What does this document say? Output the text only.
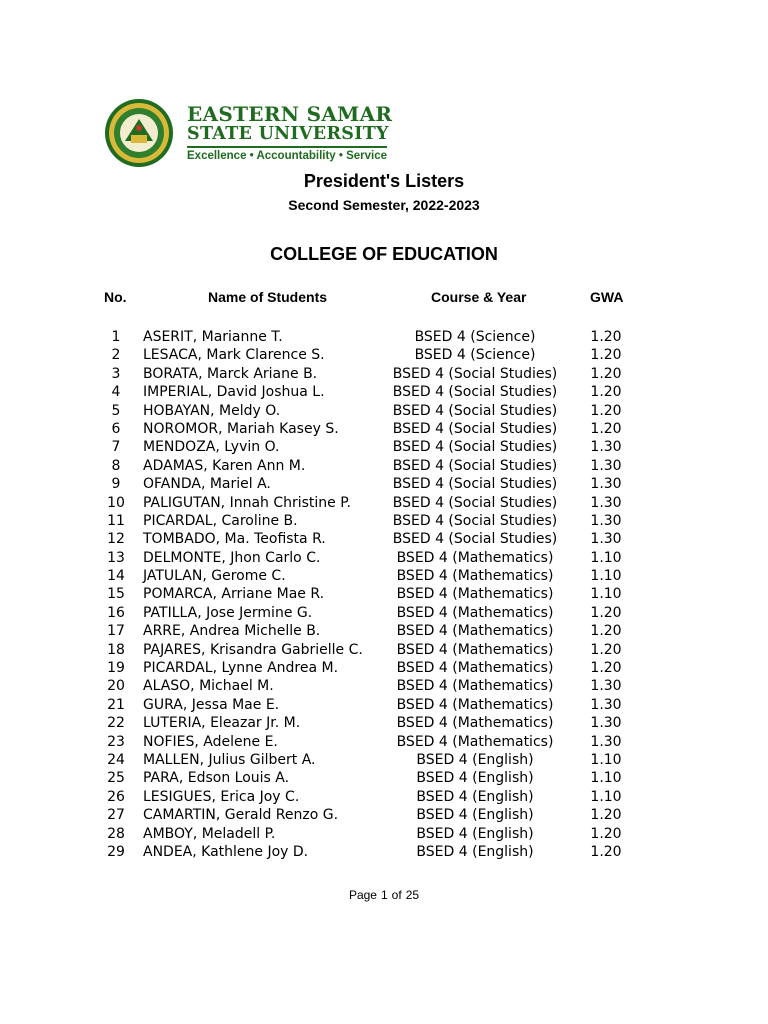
EASTERN SAMAR
STATE UNIVERSITY
Excellence • Accountability • Service
President's Listers
Second Semester, 2022-2023
COLLEGE OF EDUCATION
No.	Name of Students	Course & Year	GWA
1	ASERIT, Marianne T.	BSED 4 (Science)	1.20
2	LESACA, Mark Clarence S.	BSED 4 (Science)	1.20
3	BORATA, Marck Ariane B.	BSED 4 (Social Studies)	1.20
4	IMPERIAL, David Joshua L.	BSED 4 (Social Studies)	1.20
5	HOBAYAN, Meldy O.	BSED 4 (Social Studies)	1.20
6	NOROMOR, Mariah Kasey S.	BSED 4 (Social Studies)	1.20
7	MENDOZA, Lyvin O.	BSED 4 (Social Studies)	1.30
8	ADAMAS, Karen Ann M.	BSED 4 (Social Studies)	1.30
9	OFANDA, Mariel A.	BSED 4 (Social Studies)	1.30
10	PALIGUTAN, Innah Christine P.	BSED 4 (Social Studies)	1.30
11	PICARDAL, Caroline B.	BSED 4 (Social Studies)	1.30
12	TOMBADO, Ma. Teofista R.	BSED 4 (Social Studies)	1.30
13	DELMONTE, Jhon Carlo C.	BSED 4 (Mathematics)	1.10
14	JATULAN, Gerome C.	BSED 4 (Mathematics)	1.10
15	POMARCA, Arriane Mae R.	BSED 4 (Mathematics)	1.10
16	PATILLA, Jose Jermine G.	BSED 4 (Mathematics)	1.20
17	ARRE, Andrea Michelle B.	BSED 4 (Mathematics)	1.20
18	PAJARES, Krisandra Gabrielle C.	BSED 4 (Mathematics)	1.20
19	PICARDAL, Lynne Andrea M.	BSED 4 (Mathematics)	1.20
20	ALASO, Michael M.	BSED 4 (Mathematics)	1.30
21	GURA, Jessa Mae E.	BSED 4 (Mathematics)	1.30
22	LUTERIA, Eleazar Jr. M.	BSED 4 (Mathematics)	1.30
23	NOFIES, Adelene E.	BSED 4 (Mathematics)	1.30
24	MALLEN, Julius Gilbert A.	BSED 4 (English)	1.10
25	PARA, Edson Louis A.	BSED 4 (English)	1.10
26	LESIGUES, Erica Joy C.	BSED 4 (English)	1.10
27	CAMARTIN, Gerald Renzo G.	BSED 4 (English)	1.20
28	AMBOY, Meladell P.	BSED 4 (English)	1.20
29	ANDEA, Kathlene Joy D.	BSED 4 (English)	1.20
Page 1 of 25
